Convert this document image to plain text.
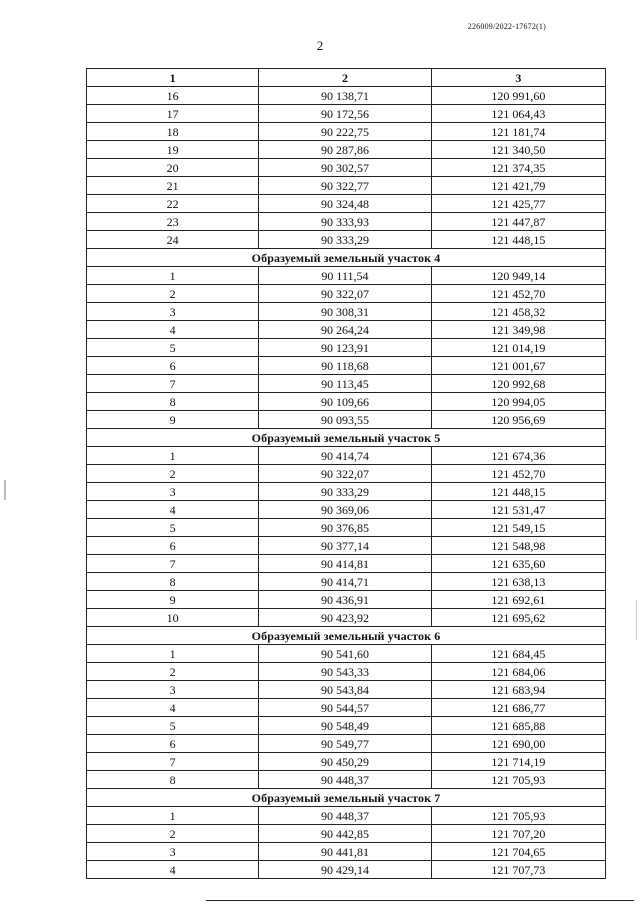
226009/2022-17672(1)
2
1	2	3
16	90 138,71	120 991,60
17	90 172,56	121 064,43
18	90 222,75	121 181,74
19	90 287,86	121 340,50
20	90 302,57	121 374,35
21	90 322,77	121 421,79
22	90 324,48	121 425,77
23	90 333,93	121 447,87
24	90 333,29	121 448,15
Образуемый земельный участок 4		
1	90 111,54	120 949,14
2	90 322,07	121 452,70
3	90 308,31	121 458,32
4	90 264,24	121 349,98
5	90 123,91	121 014,19
6	90 118,68	121 001,67
7	90 113,45	120 992,68
8	90 109,66	120 994,05
9	90 093,55	120 956,69
Образуемый земельный участок 5		
1	90 414,74	121 674,36
2	90 322,07	121 452,70
3	90 333,29	121 448,15
4	90 369,06	121 531,47
5	90 376,85	121 549,15
6	90 377,14	121 548,98
7	90 414,81	121 635,60
8	90 414,71	121 638,13
9	90 436,91	121 692,61
10	90 423,92	121 695,62
Образуемый земельный участок 6		
1	90 541,60	121 684,45
2	90 543,33	121 684,06
3	90 543,84	121 683,94
4	90 544,57	121 686,77
5	90 548,49	121 685,88
6	90 549,77	121 690,00
7	90 450,29	121 714,19
8	90 448,37	121 705,93
Образуемый земельный участок 7		
1	90 448,37	121 705,93
2	90 442,85	121 707,20
3	90 441,81	121 704,65
4	90 429,14	121 707,73
